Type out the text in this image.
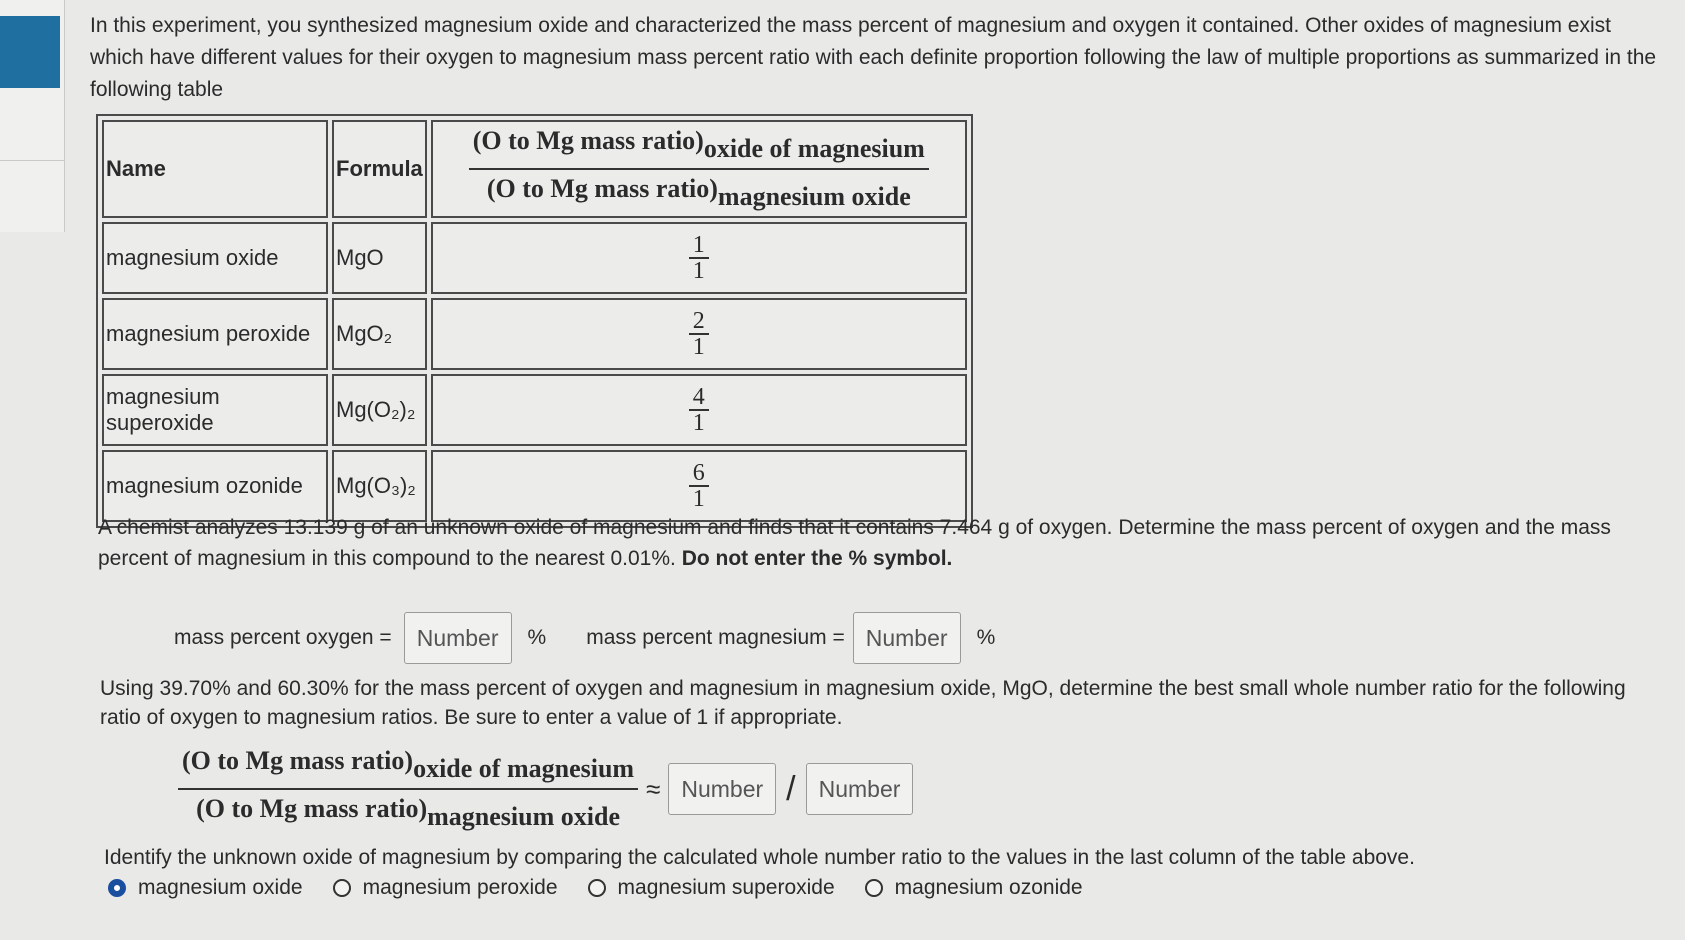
In this experiment, you synthesized magnesium oxide and characterized the mass percent of magnesium and oxygen it contained. Other oxides of magnesium exist which have different values for their oxygen to magnesium mass percent ratio with each definite proportion following the law of multiple proportions as summarized in the following table

Name	Formula	$\frac{\text{(O to Mg mass ratio)oxide of magnesium}}{\text{(O to Mg mass ratio)magnesium oxide}}$

magnesium oxide	MgO	$\frac{1}{1}$

magnesium peroxide	MgO₂	$\frac{2}{1}$

magnesium superoxide	Mg(O₂)₂	$\frac{4}{1}$

magnesium ozonide	Mg(O₃)₂	$\frac{6}{1}$

A chemist analyzes 13.139 g of an unknown oxide of magnesium and finds that it contains 7.464 g of oxygen. Determine the mass percent of oxygen and the mass percent of magnesium in this compound to the nearest 0.01%. Do not enter the % symbol.

mass percent oxygen =	Number	% mass percent magnesium = Number	%

Using 39.70% and 60.30% for the mass percent of oxygen and magnesium in magnesium oxide, MgO, determine the best small whole number ratio for the following ratio of oxygen to magnesium ratios. Be sure to enter a value of 1 if appropriate.

$\frac{\text{(O to Mg mass ratio)oxide of magnesium}}{\text{(O to Mg mass ratio)magnesium oxide}}$ ≈ Number /	Number

Identify the unknown oxide of magnesium by comparing the calculated whole number ratio to the values in the last column of the table above.

magnesium oxide	magnesium peroxide	magnesium superoxide	magnesium ozonide
